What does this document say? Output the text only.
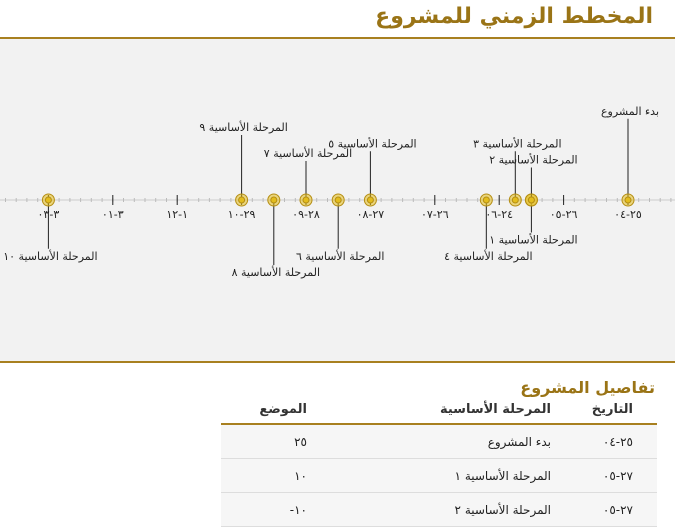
المخطط الزمني للمشروع
٢٥-٠٤
٢٦-٠٥
٢٤-٠٦
٢٦-٠٧
٢٧-٠٨
٢٨-٠٩
٢٩-١٠
١-١٢
٣-٠١
٣-٠٣
بدء المشروع
المرحلة الأساسية ١
المرحلة الأساسية ٢
المرحلة الأساسية ٣
المرحلة الأساسية ٤
المرحلة الأساسية ٥
المرحلة الأساسية ٦
المرحلة الأساسية ٧
المرحلة الأساسية ٨
المرحلة الأساسية ٩
المرحلة الأساسية ١٠
تفاصيل المشروع
التاريخ	المرحلة الأساسية	الموضع
٢٥-٠٤	بدء المشروع	٢٥
٢٧-٠٥	المرحلة الأساسية ١	١٠
٢٧-٠٥	المرحلة الأساسية ٢	١٠-
